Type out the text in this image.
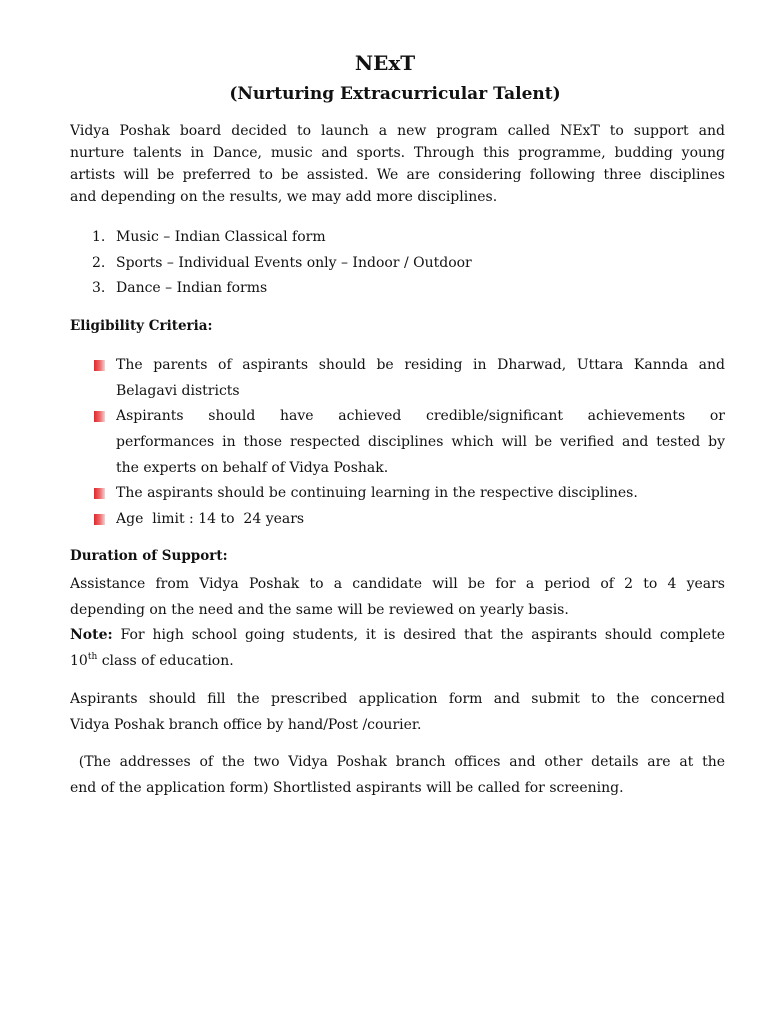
NExT
(Nurturing Extracurricular Talent)
Vidya Poshak board decided to launch a new program called NExT to support and
nurture talents in Dance, music and sports. Through this programme, budding young
artists will be preferred to be assisted. We are considering following three disciplines
and depending on the results, we may add more disciplines.
1. Music – Indian Classical form
2. Sports – Individual Events only – Indoor / Outdoor
3. Dance – Indian forms
Eligibility Criteria:
The parents of aspirants should be residing in Dharwad, Uttara Kannda and
Belagavi districts
Aspirants should have achieved credible/significant achievements or
performances in those respected disciplines which will be verified and tested by
the experts on behalf of Vidya Poshak.
The aspirants should be continuing learning in the respective disciplines.
Age  limit : 14 to  24 years
Duration of Support:
Assistance from Vidya Poshak to a candidate will be for a period of 2 to 4 years
depending on the need and the same will be reviewed on yearly basis.
Note: For high school going students, it is desired that the aspirants should complete
10th class of education.
Aspirants should fill the prescribed application form and submit to the concerned
Vidya Poshak branch office by hand/Post /courier.
(The addresses of the two Vidya Poshak branch offices and other details are at the
end of the application form) Shortlisted aspirants will be called for screening.
